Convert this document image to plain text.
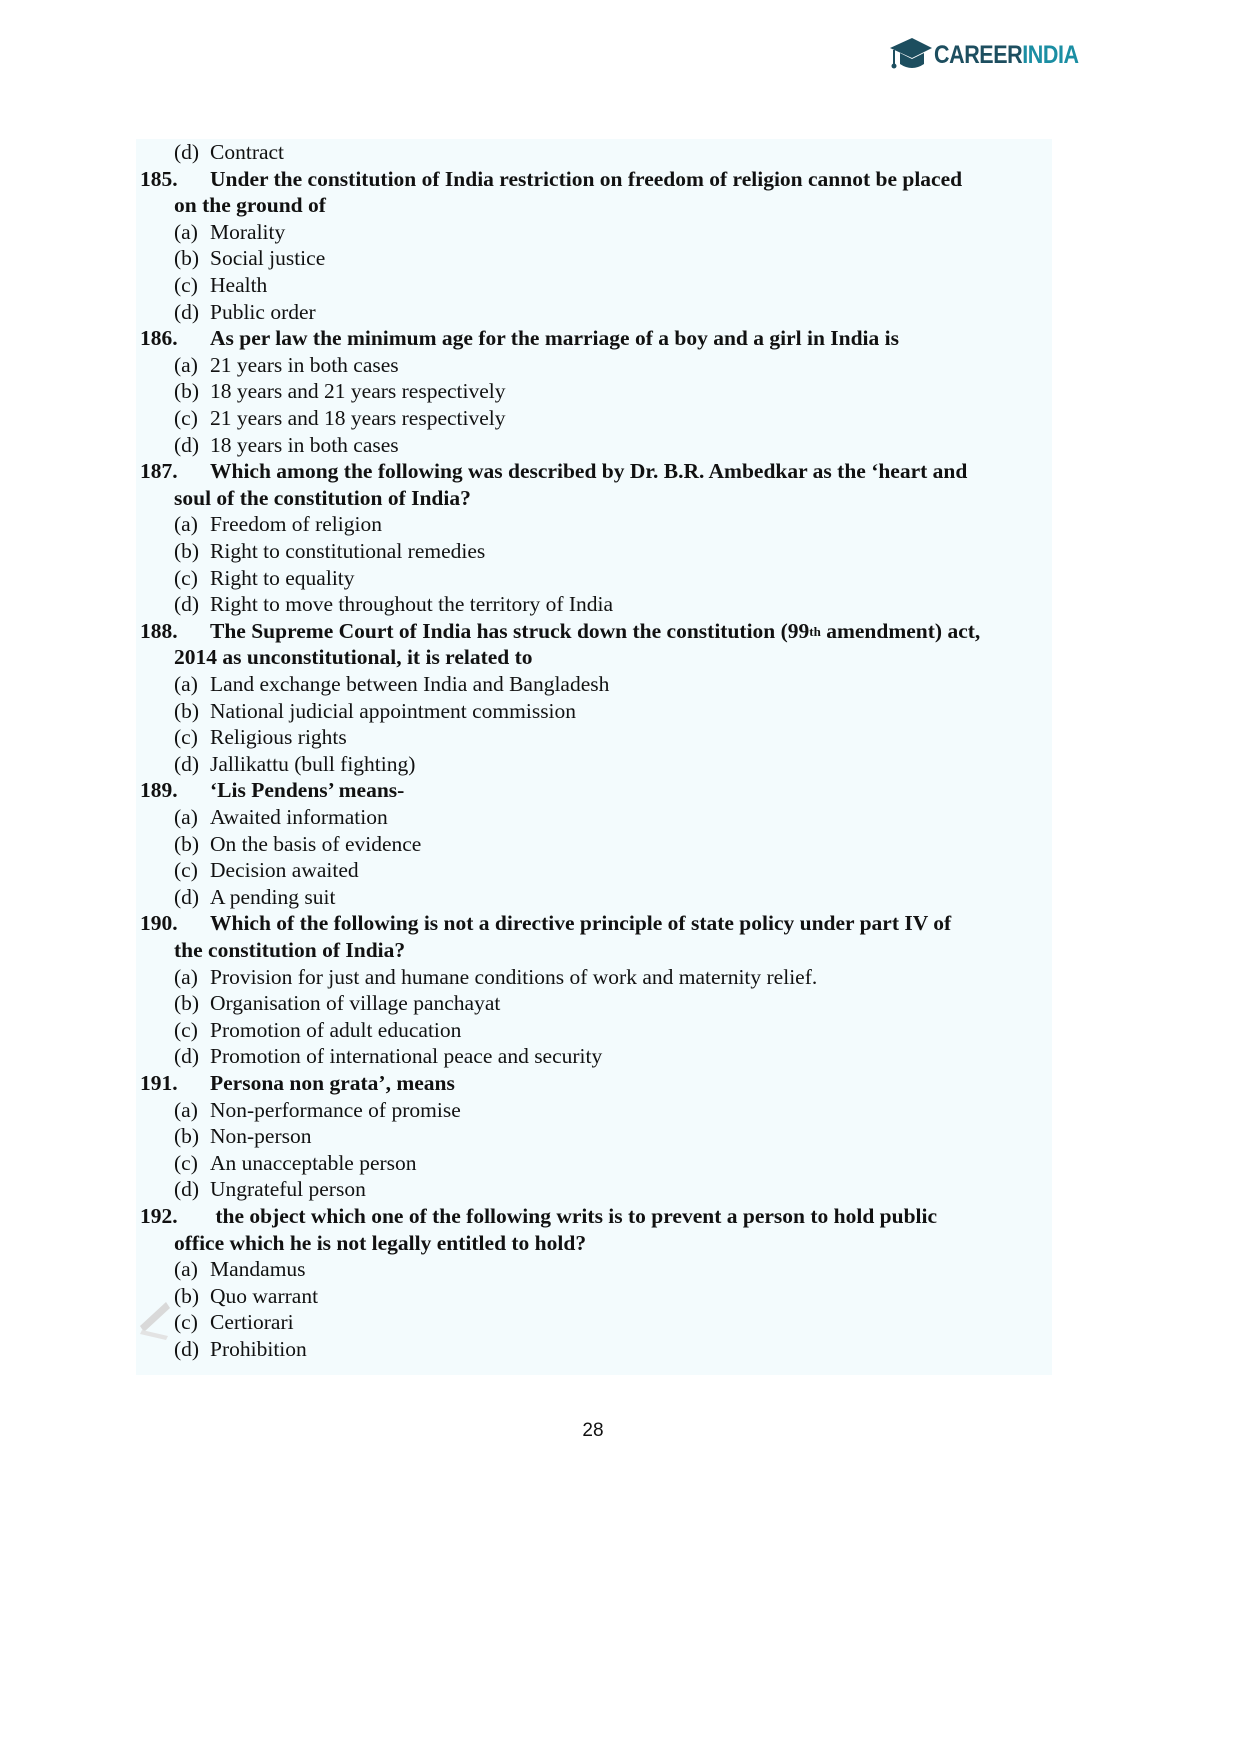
CAREERINDIA
(d) Contract
185. Under the constitution of India restriction on freedom of religion cannot be placed
on the ground of
(a) Morality
(b) Social justice
(c) Health
(d) Public order
186. As per law the minimum age for the marriage of a boy and a girl in India is
(a) 21 years in both cases
(b) 18 years and 21 years respectively
(c) 21 years and 18 years respectively
(d) 18 years in both cases
187. Which among the following was described by Dr. B.R. Ambedkar as the ‘heart and
soul of the constitution of India?
(a) Freedom of religion
(b) Right to constitutional remedies
(c) Right to equality
(d) Right to move throughout the territory of India
188. The Supreme Court of India has struck down the constitution (99th amendment) act,
2014 as unconstitutional, it is related to
(a) Land exchange between India and Bangladesh
(b) National judicial appointment commission
(c) Religious rights
(d) Jallikattu (bull fighting)
189. ‘Lis Pendens’ means-
(a) Awaited information
(b) On the basis of evidence
(c) Decision awaited
(d) A pending suit
190. Which of the following is not a directive principle of state policy under part IV of
the constitution of India?
(a) Provision for just and humane conditions of work and maternity relief.
(b) Organisation of village panchayat
(c) Promotion of adult education
(d) Promotion of international peace and security
191. Persona non grata’, means
(a) Non-performance of promise
(b) Non-person
(c) An unacceptable person
(d) Ungrateful person
192. the object which one of the following writs is to prevent a person to hold public
office which he is not legally entitled to hold?
(a) Mandamus
(b) Quo warrant
(c) Certiorari
(d) Prohibition
28
